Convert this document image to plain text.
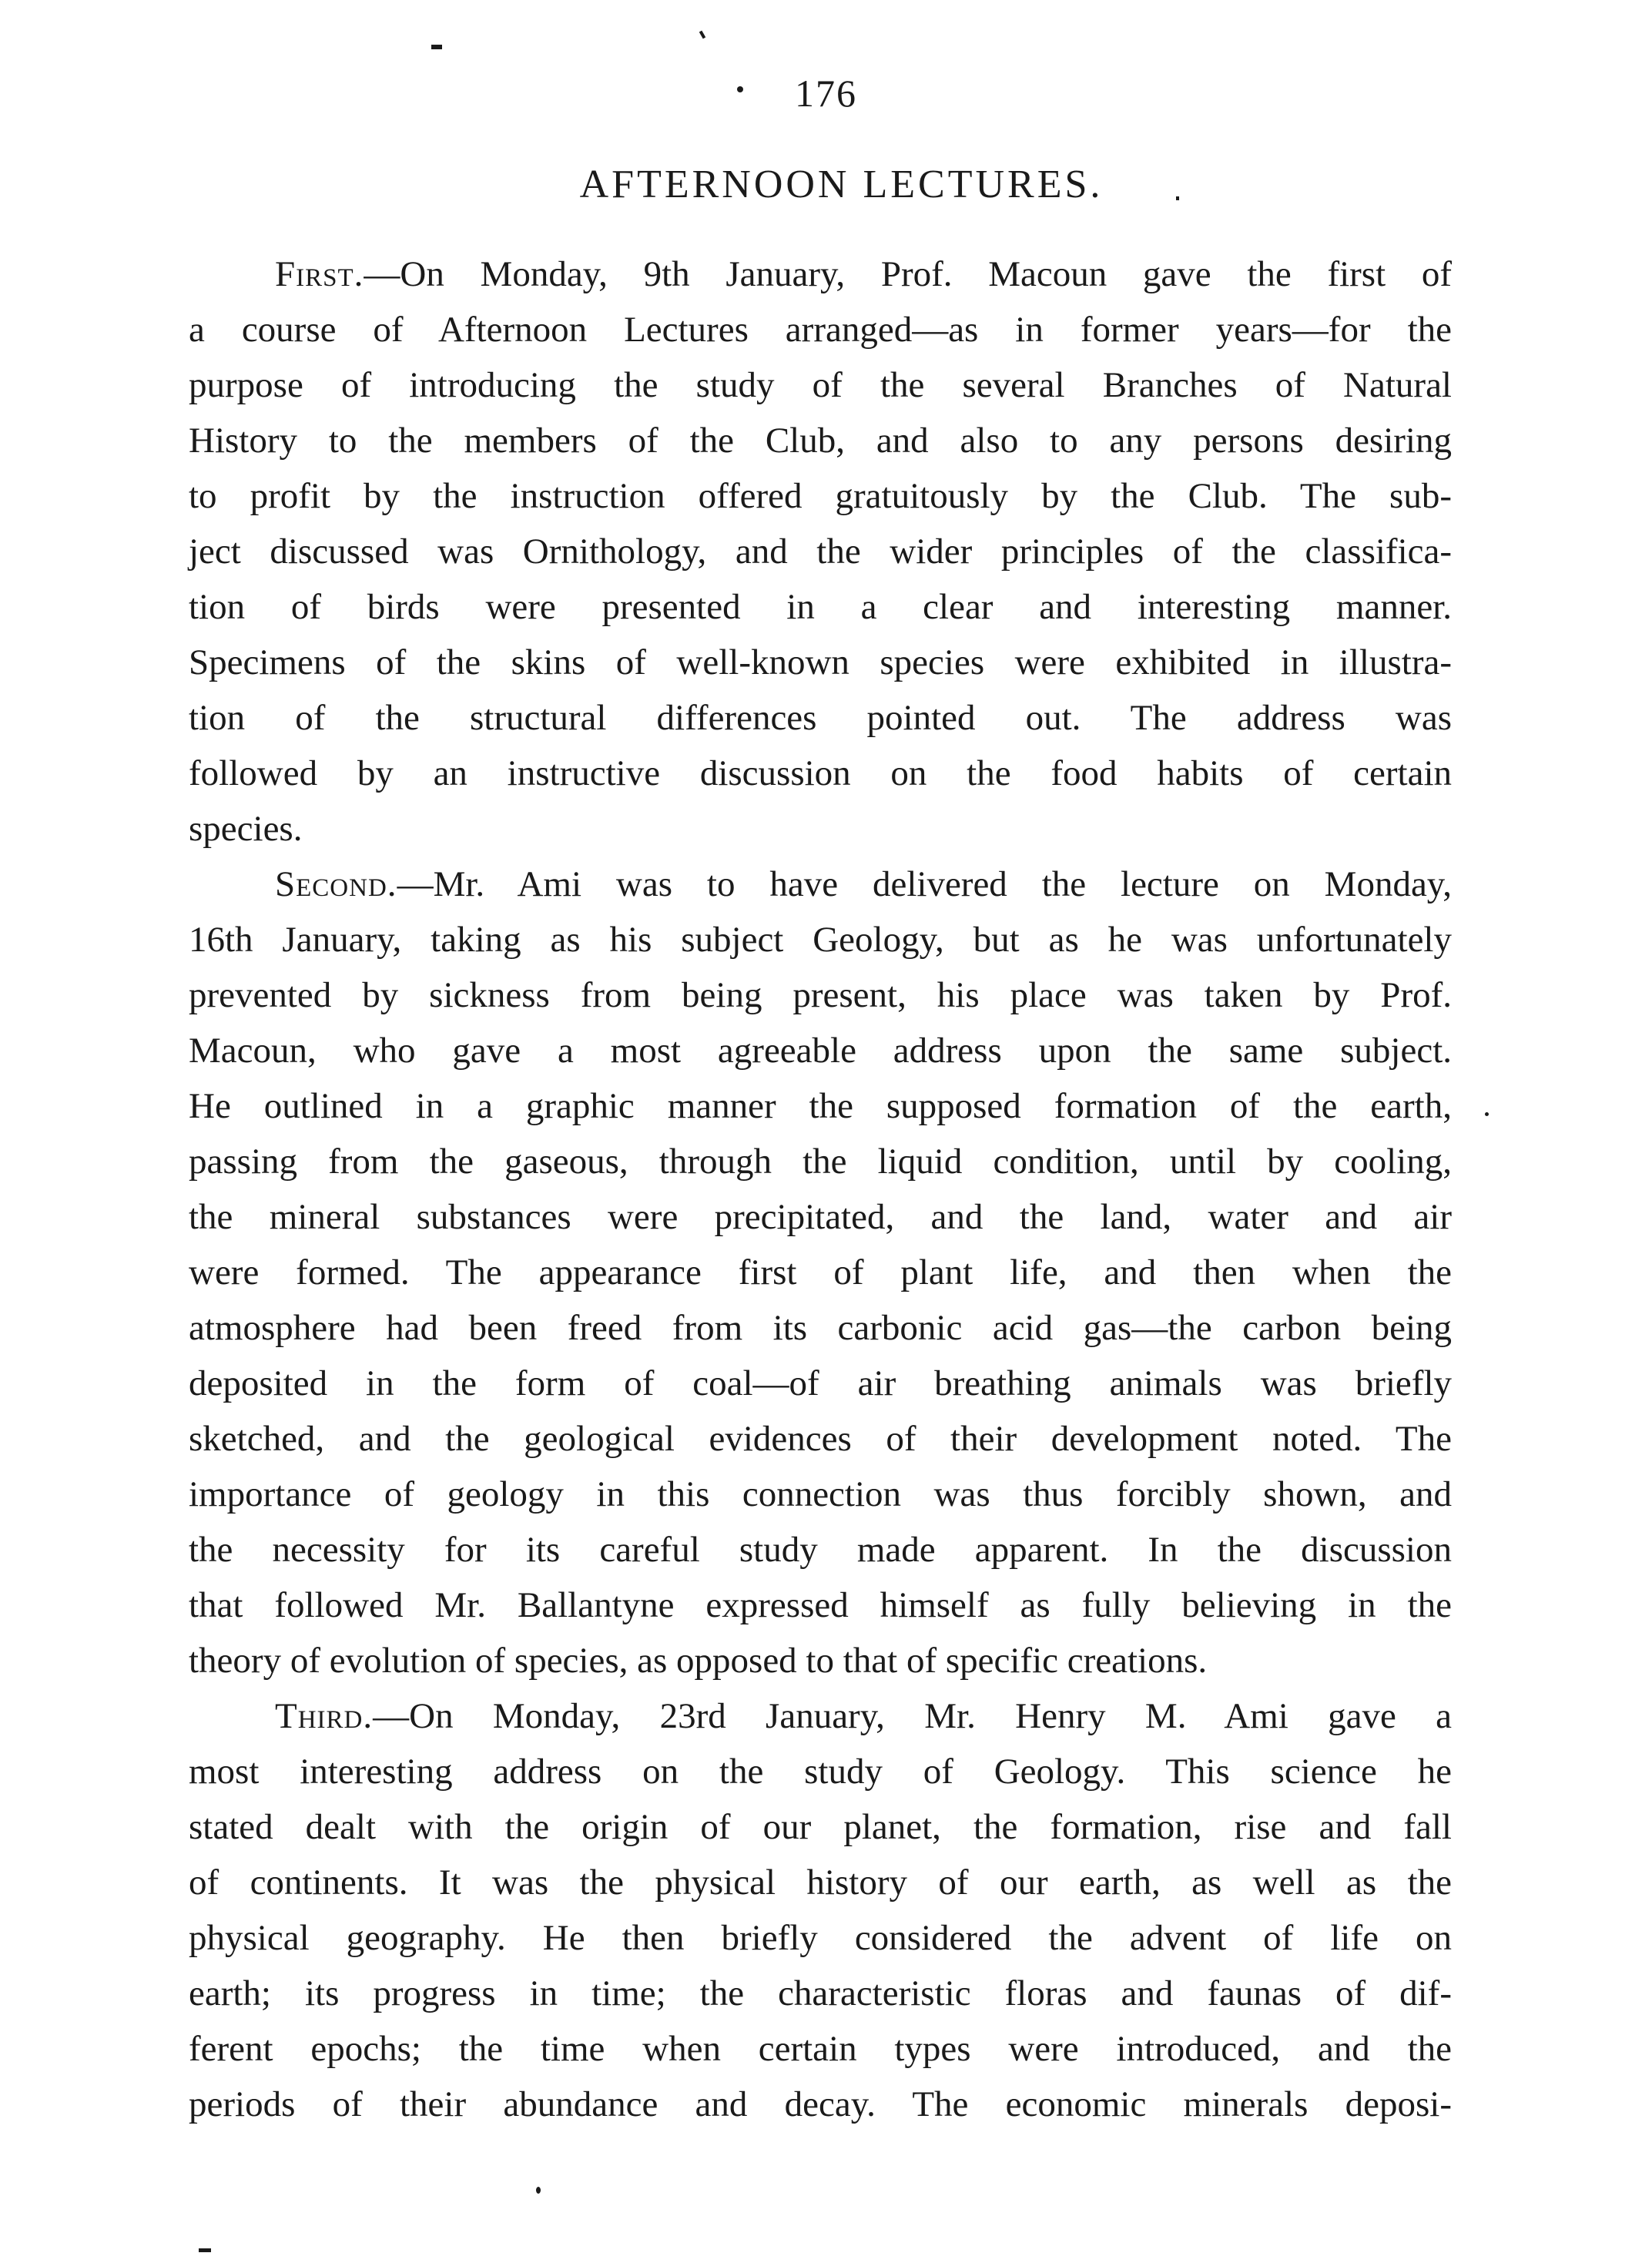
176
AFTERNOON LECTURES.
First.—On Monday, 9th January, Prof. Macoun gave the first of
a course of Afternoon Lectures arranged—as in former years—for the
purpose of introducing the study of the several Branches of Natural
History to the members of the Club, and also to any persons desiring
to profit by the instruction offered gratuitously by the Club. The sub-
ject discussed was Ornithology, and the wider principles of the classifica-
tion of birds were presented in a clear and interesting manner.
Specimens of the skins of well-known species were exhibited in illustra-
tion of the structural differences pointed out. The address was
followed by an instructive discussion on the food habits of certain
species.
Second.—Mr. Ami was to have delivered the lecture on Monday,
16th January, taking as his subject Geology, but as he was unfortunately
prevented by sickness from being present, his place was taken by Prof.
Macoun, who gave a most agreeable address upon the same subject.
He outlined in a graphic manner the supposed formation of the earth,
passing from the gaseous, through the liquid condition, until by cooling,
the mineral substances were precipitated, and the land, water and air
were formed. The appearance first of plant life, and then when the
atmosphere had been freed from its carbonic acid gas—the carbon being
deposited in the form of coal—of air breathing animals was briefly
sketched, and the geological evidences of their development noted. The
importance of geology in this connection was thus forcibly shown, and
the necessity for its careful study made apparent. In the discussion
that followed Mr. Ballantyne expressed himself as fully believing in the
theory of evolution of species, as opposed to that of specific creations.
Third.—On Monday, 23rd January, Mr. Henry M. Ami gave a
most interesting address on the study of Geology. This science he
stated dealt with the origin of our planet, the formation, rise and fall
of continents. It was the physical history of our earth, as well as the
physical geography. He then briefly considered the advent of life on
earth; its progress in time; the characteristic floras and faunas of dif-
ferent epochs; the time when certain types were introduced, and the
periods of their abundance and decay. The economic minerals deposi-
